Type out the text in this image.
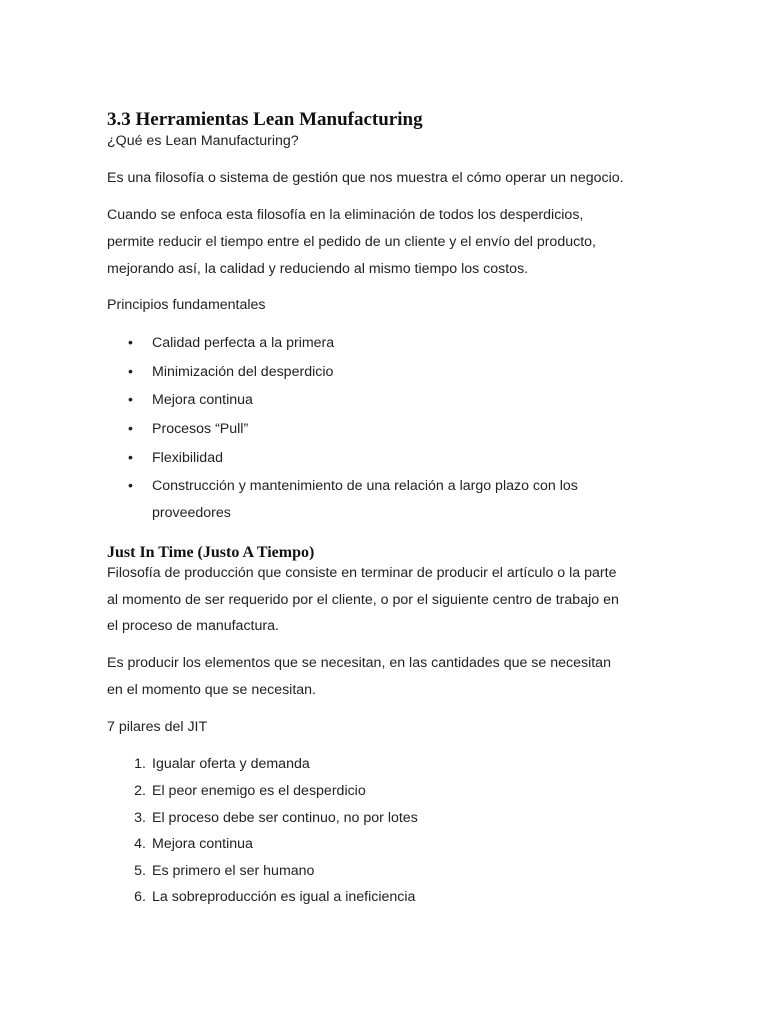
3.3 Herramientas Lean Manufacturing
¿Qué es Lean Manufacturing?
Es una filosofía o sistema de gestión que nos muestra el cómo operar un negocio.
Cuando se enfoca esta filosofía en la eliminación de todos los desperdicios,
permite reducir el tiempo entre el pedido de un cliente y el envío del producto,
mejorando así, la calidad y reduciendo al mismo tiempo los costos.
Principios fundamentales
•	Calidad perfecta a la primera
•	Minimización del desperdicio
•	Mejora continua
•	Procesos “Pull”
•	Flexibilidad
•	Construcción y mantenimiento de una relación a largo plazo con los
proveedores
Just In Time (Justo A Tiempo)
Filosofía de producción que consiste en terminar de producir el artículo o la parte
al momento de ser requerido por el cliente, o por el siguiente centro de trabajo en
el proceso de manufactura.
Es producir los elementos que se necesitan, en las cantidades que se necesitan
en el momento que se necesitan.
7 pilares del JIT
1. Igualar oferta y demanda
2. El peor enemigo es el desperdicio
3. El proceso debe ser continuo, no por lotes
4. Mejora continua
5. Es primero el ser humano
6. La sobreproducción es igual a ineficiencia
